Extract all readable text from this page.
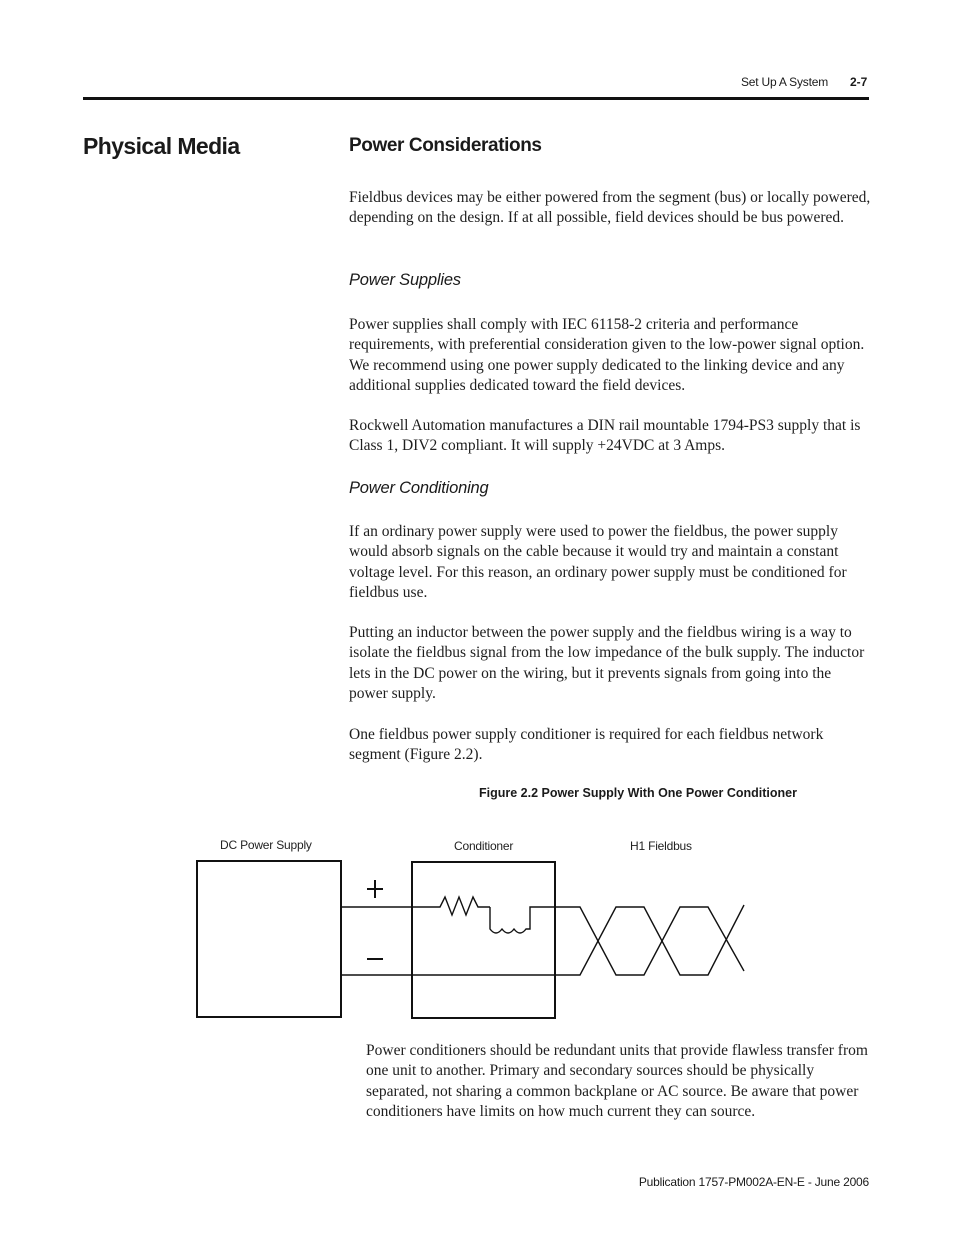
Set Up A System 2-7
Physical Media	Power Considerations
Fieldbus devices may be either powered from the segment (bus) or locally powered, depending on the design. If at all possible, field devices should be bus powered.
Power Supplies
Power supplies shall comply with IEC 61158-2 criteria and performance requirements, with preferential consideration given to the low-power signal option. We recommend using one power supply dedicated to the linking device and any additional supplies dedicated toward the field devices.
Rockwell Automation manufactures a DIN rail mountable 1794-PS3 supply that is Class 1, DIV2 compliant. It will supply +24VDC at 3 Amps.
Power Conditioning
If an ordinary power supply were used to power the fieldbus, the power supply would absorb signals on the cable because it would try and maintain a constant voltage level. For this reason, an ordinary power supply must be conditioned for fieldbus use.
Putting an inductor between the power supply and the fieldbus wiring is a way to isolate the fieldbus signal from the low impedance of the bulk supply. The inductor lets in the DC power on the wiring, but it prevents signals from going into the power supply.
One fieldbus power supply conditioner is required for each fieldbus network segment (Figure 2.2).
Figure 2.2 Power Supply With One Power Conditioner
DC Power Supply	Conditioner	H1 Fieldbus
Power conditioners should be redundant units that provide flawless transfer from one unit to another. Primary and secondary sources should be physically separated, not sharing a common backplane or AC source. Be aware that power conditioners have limits on how much current they can source.
Publication 1757-PM002A-EN-E - June 2006
